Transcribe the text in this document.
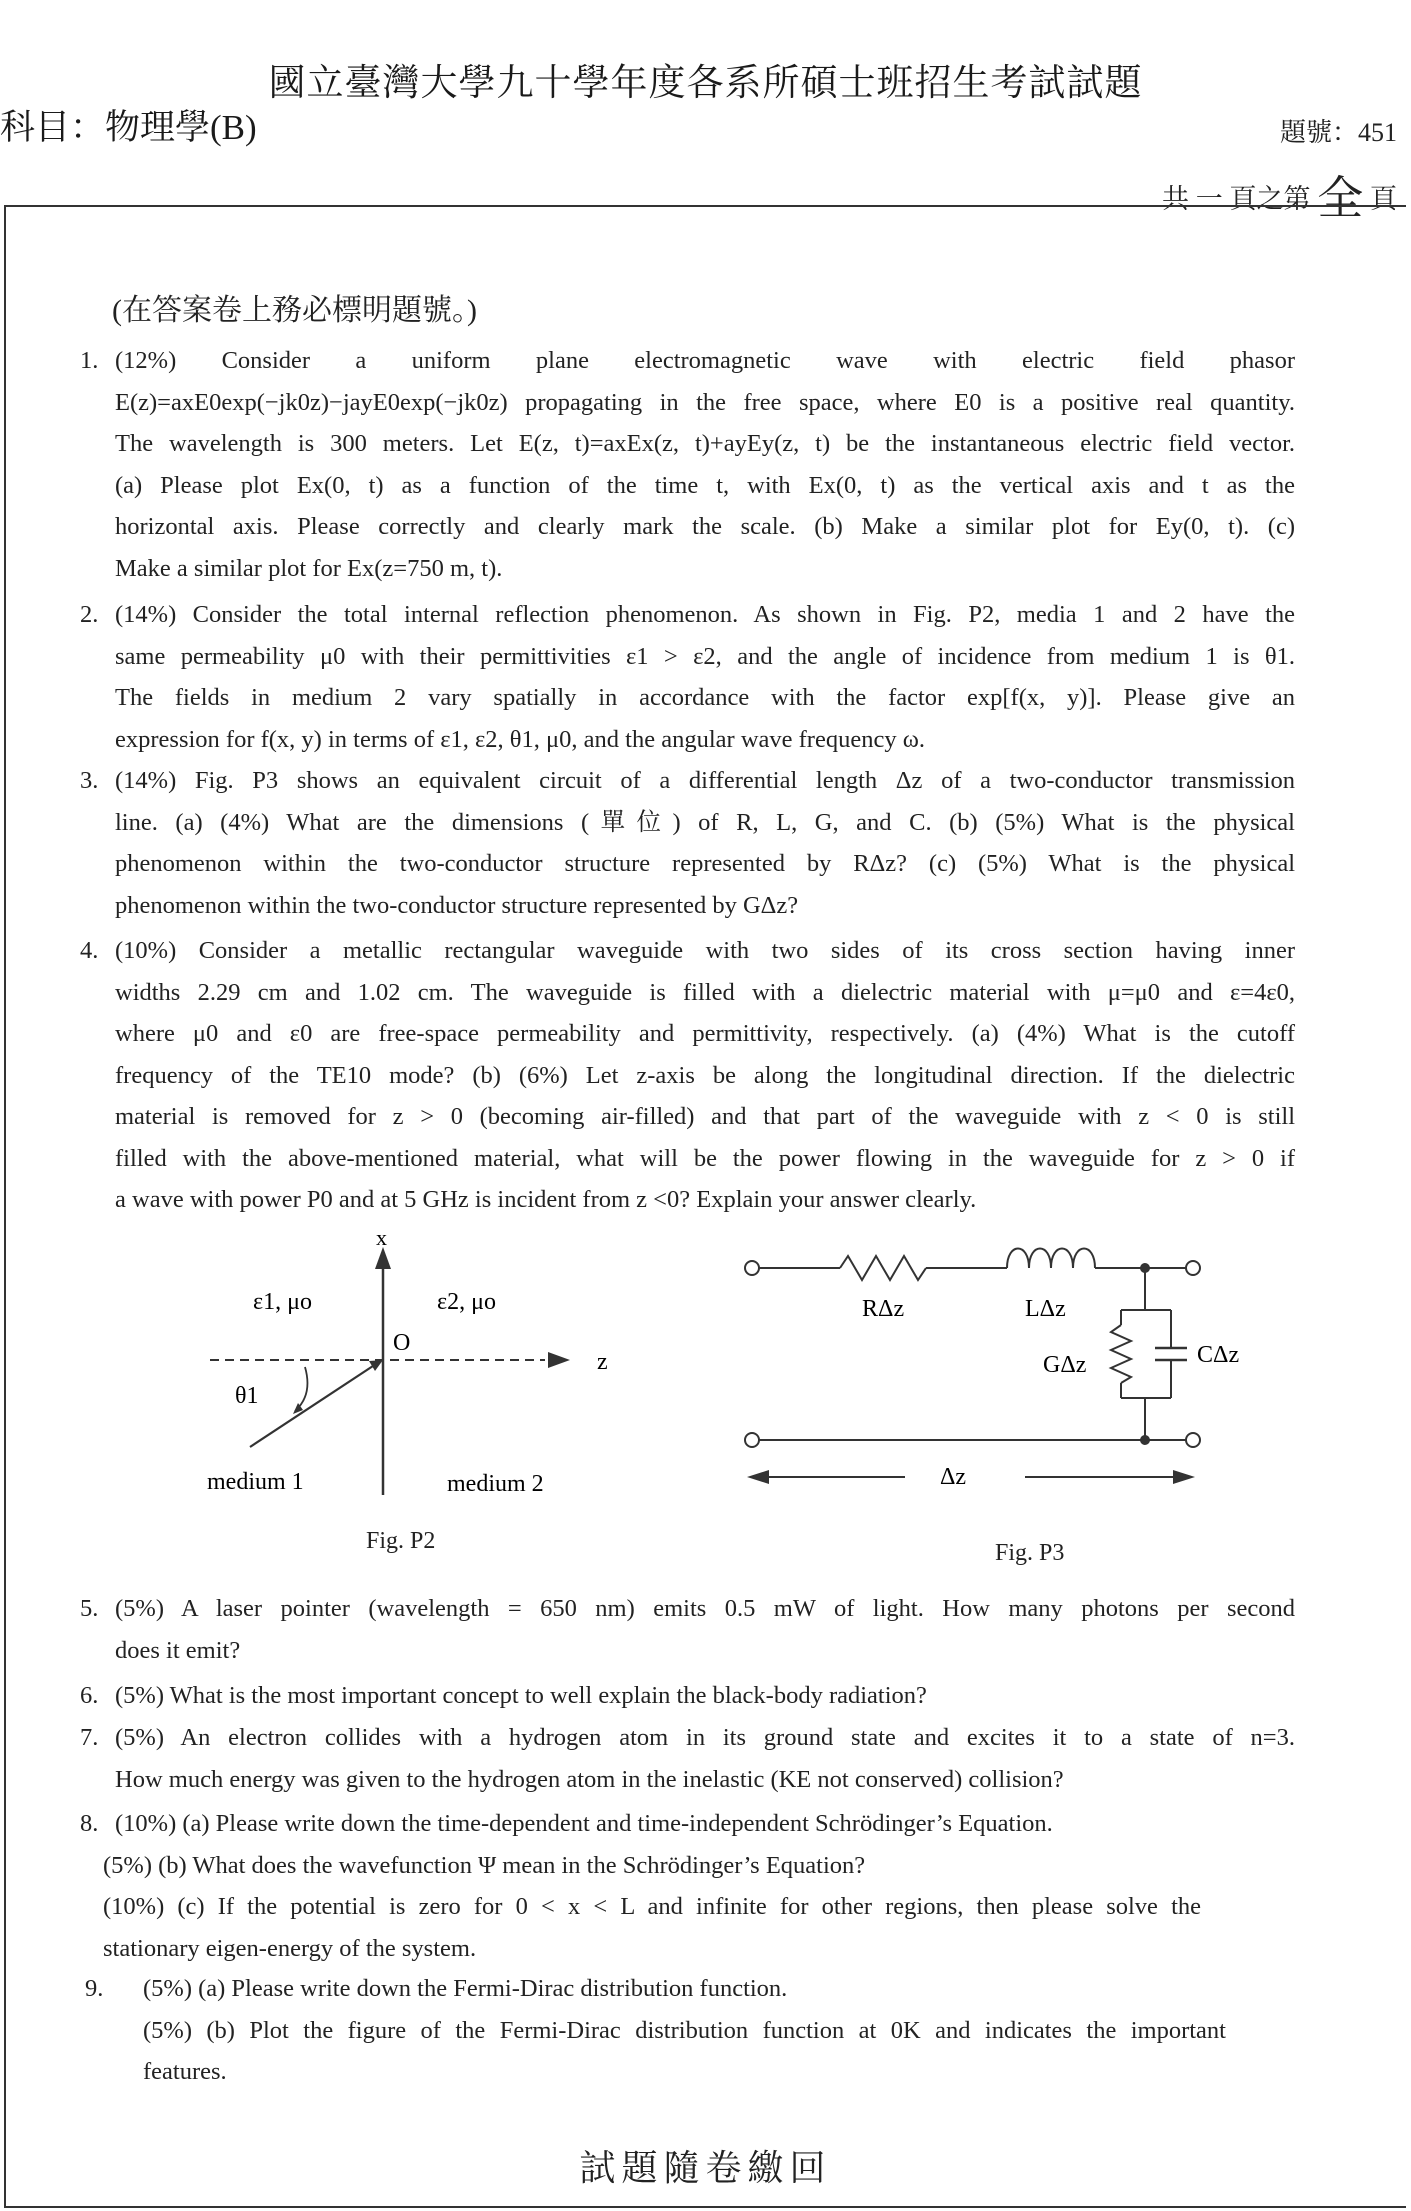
國立臺灣大學九十學年度各系所碩士班招生考試試題
科目：物理學(B)	題號：451
共 一 頁之第 全 頁
(在答案卷上務必標明題號。)
1. (12%) Consider a uniform plane electromagnetic wave with electric field phasor
E(z)=axE0exp(−jk0z)−jayE0exp(−jk0z) propagating in the free space, where E0 is a positive real quantity.
The wavelength is 300 meters. Let E(z, t)=axEx(z, t)+ayEy(z, t) be the instantaneous electric field vector.
(a) Please plot Ex(0, t) as a function of the time t, with Ex(0, t) as the vertical axis and t as the
horizontal axis. Please correctly and clearly mark the scale. (b) Make a similar plot for Ey(0, t). (c)
Make a similar plot for Ex(z=750 m, t).
2. (14%) Consider the total internal reflection phenomenon. As shown in Fig. P2, media 1 and 2 have the
same permeability μ0 with their permittivities ε1 > ε2, and the angle of incidence from medium 1 is θ1.
The fields in medium 2 vary spatially in accordance with the factor exp[f(x, y)]. Please give an
expression for f(x, y) in terms of ε1, ε2, θ1, μ0, and the angular wave frequency ω.
3. (14%) Fig. P3 shows an equivalent circuit of a differential length Δz of a two-conductor transmission
line. (a) (4%) What are the dimensions (單位) of R, L, G, and C. (b) (5%) What is the physical
phenomenon within the two-conductor structure represented by RΔz? (c) (5%) What is the physical
phenomenon within the two-conductor structure represented by GΔz?
4. (10%) Consider a metallic rectangular waveguide with two sides of its cross section having inner
widths 2.29 cm and 1.02 cm. The waveguide is filled with a dielectric material with μ=μ0 and ε=4ε0,
where μ0 and ε0 are free-space permeability and permittivity, respectively. (a) (4%) What is the cutoff
frequency of the TE10 mode? (b) (6%) Let z-axis be along the longitudinal direction. If the dielectric
material is removed for z > 0 (becoming air-filled) and that part of the waveguide with z < 0 is still
filled with the above-mentioned material, what will be the power flowing in the waveguide for z > 0 if
a wave with power P0 and at 5 GHz is incident from z <0? Explain your answer clearly.
x
z
O
ε1, μo	ε2, μo
θ1
medium 1	medium 2
Fig. P2
RΔz	LΔz
GΔz	CΔz
Δz
Fig. P3
5. (5%) A laser pointer (wavelength = 650 nm) emits 0.5 mW of light. How many photons per second
does it emit?
6. (5%) What is the most important concept to well explain the black-body radiation?
7. (5%) An electron collides with a hydrogen atom in its ground state and excites it to a state of n=3.
How much energy was given to the hydrogen atom in the inelastic (KE not conserved) collision?
8. (10%) (a) Please write down the time-dependent and time-independent Schrödinger’s Equation.
(5%) (b) What does the wavefunction Ψ mean in the Schrödinger’s Equation?
(10%) (c) If the potential is zero for 0 < x < L and infinite for other regions, then please solve the
stationary eigen-energy of the system.
9. (5%) (a) Please write down the Fermi-Dirac distribution function.
(5%) (b) Plot the figure of the Fermi-Dirac distribution function at 0K and indicates the important
features.
試題隨卷繳回
